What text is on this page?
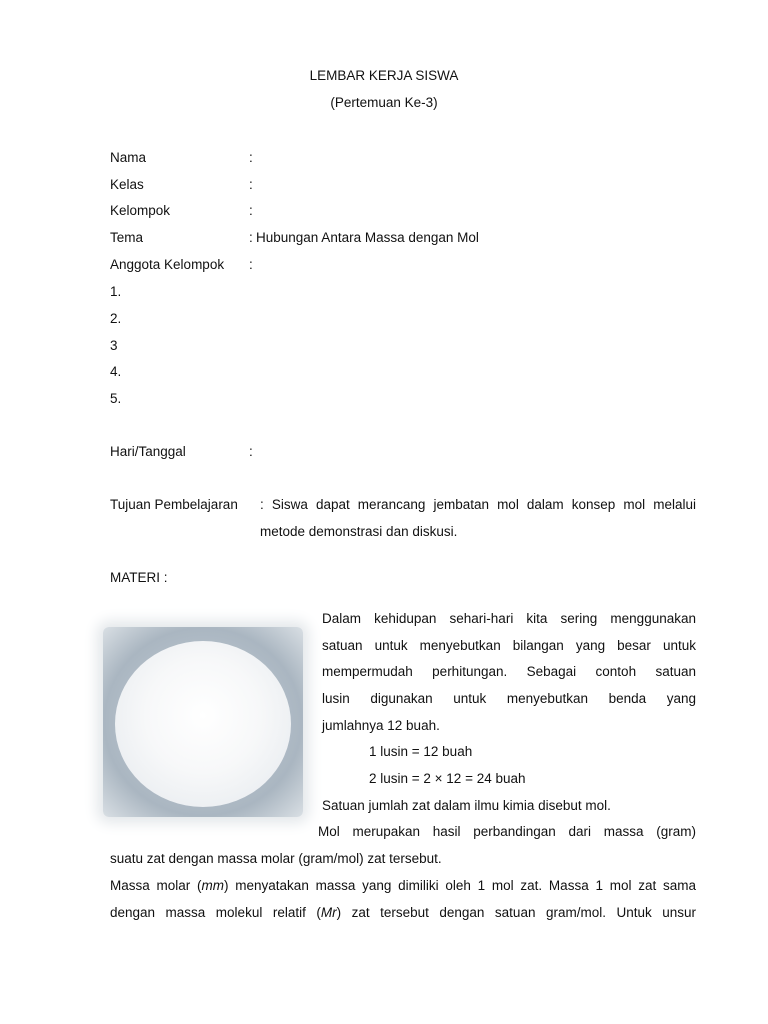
LEMBAR KERJA SISWA
(Pertemuan Ke-3)
Nama	:
Kelas	:
Kelompok	:
Tema	: Hubungan Antara Massa dengan Mol
Anggota Kelompok :
1.
2.
3
4.
5.
Hari/Tanggal	:
Tujuan Pembelajaran : Siswa dapat merancang jembatan mol dalam konsep mol melalui
metode demonstrasi dan diskusi.
MATERI :
Dalam kehidupan sehari-hari kita sering menggunakan
satuan untuk menyebutkan bilangan yang besar untuk
mempermudah perhitungan. Sebagai contoh satuan
lusin digunakan untuk menyebutkan benda yang
jumlahnya 12 buah.
1 lusin = 12 buah
2 lusin = 2 × 12 = 24 buah
Satuan jumlah zat dalam ilmu kimia disebut mol.
Mol merupakan hasil perbandingan dari massa (gram)
suatu zat dengan massa molar (gram/mol) zat tersebut.
Massa molar (mm) menyatakan massa yang dimiliki oleh 1 mol zat. Massa 1 mol zat sama
dengan massa molekul relatif (Mr) zat tersebut dengan satuan gram/mol. Untuk unsur
